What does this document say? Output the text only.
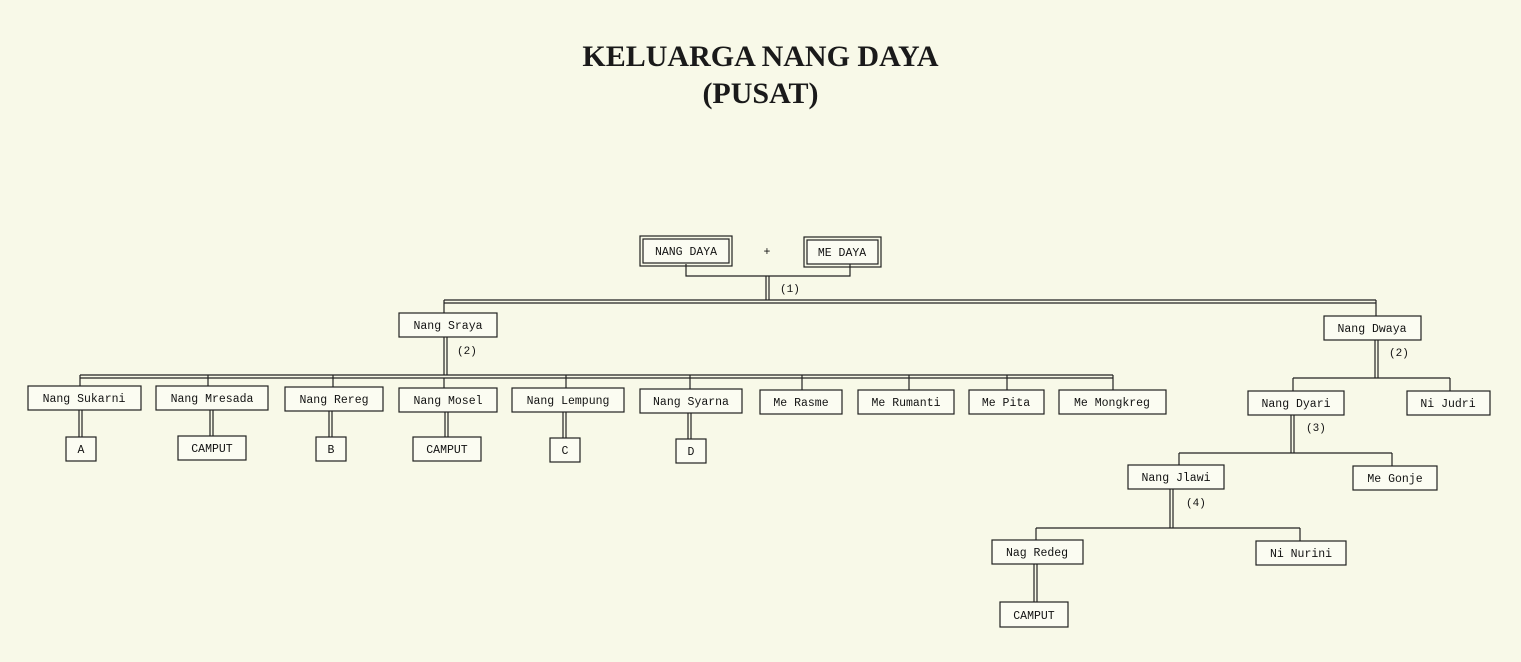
KELUARGA NANG DAYA
(PUSAT)
NANG DAYA	+	ME DAYA
(1)
(2)	(2)
(3)
(4)
Nang Sraya	Nang Dwaya
Nang Sukarni	Nang Mresada	Nang Rereg	Nang Mosel	Nang Lempung	Nang Syarna	Me Rasme	Me Rumanti	Me Pita	Me Mongkreg
A	CAMPUT	B	CAMPUT	C	D
Nang Dyari	Ni Judri
Nang Jlawi	Me Gonje
Nag Redeg	Ni Nurini
CAMPUT
